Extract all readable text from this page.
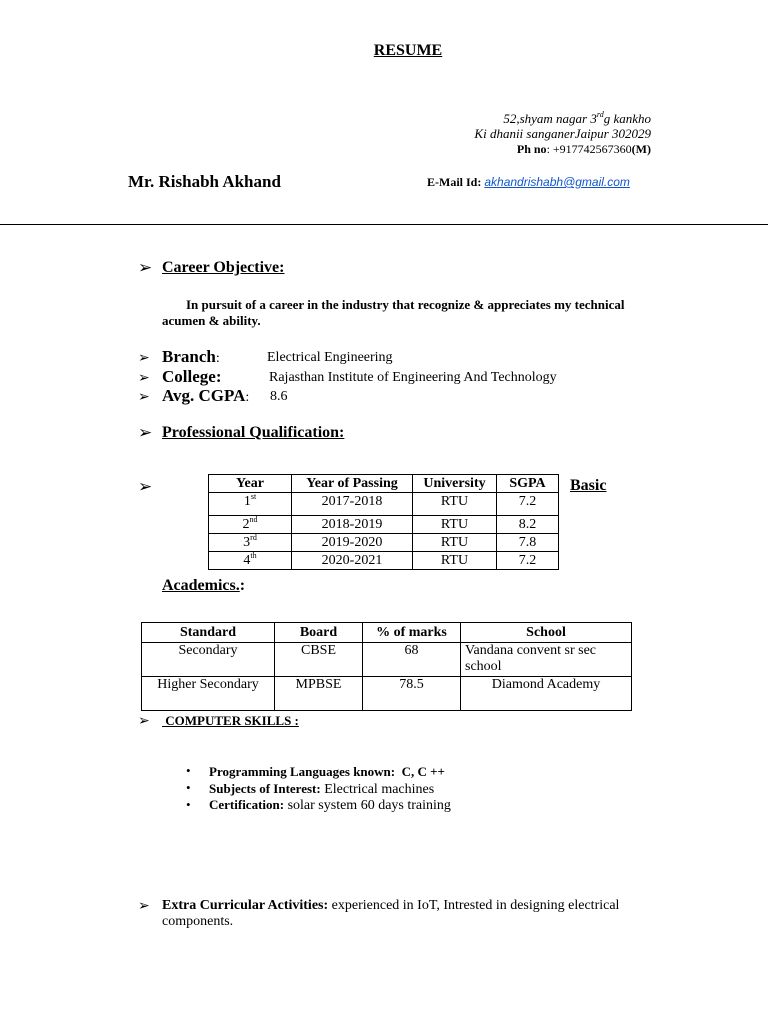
RESUME
52,shyam nagar 3rdg kankho
Ki dhanii sanganerJaipur 302029
Ph no: +917742567360(M)
Mr. Rishabh Akhand	E-Mail Id: akhandrishabh@gmail.com
➢ Career Objective:
In pursuit of a career in the industry that recognize & appreciates my technical acumen & ability.
➢ Branch:	Electrical Engineering
➢ College:	Rajasthan Institute of Engineering And Technology
➢ Avg. CGPA: 8.6
➢ Professional Qualification:
➢	Year	Year of Passing	University	SGPA
1st	2017-2018	RTU	7.2
2nd	2018-2019	RTU	8.2
3rd	2019-2020	RTU	7.8
4th	2020-2021	RTU	7.2
Basic
Academics.:
Standard	Board	% of marks	School
Secondary	CBSE	68	Vandana convent sr sec school
Higher Secondary	MPBSE	78.5	Diamond Academy
➢ COMPUTER SKILLS :
• Programming Languages known:  C, C ++
• Subjects of Interest: Electrical machines
• Certification: solar system 60 days training
➢ Extra Curricular Activities: experienced in IoT, Intrested in designing electrical components.
